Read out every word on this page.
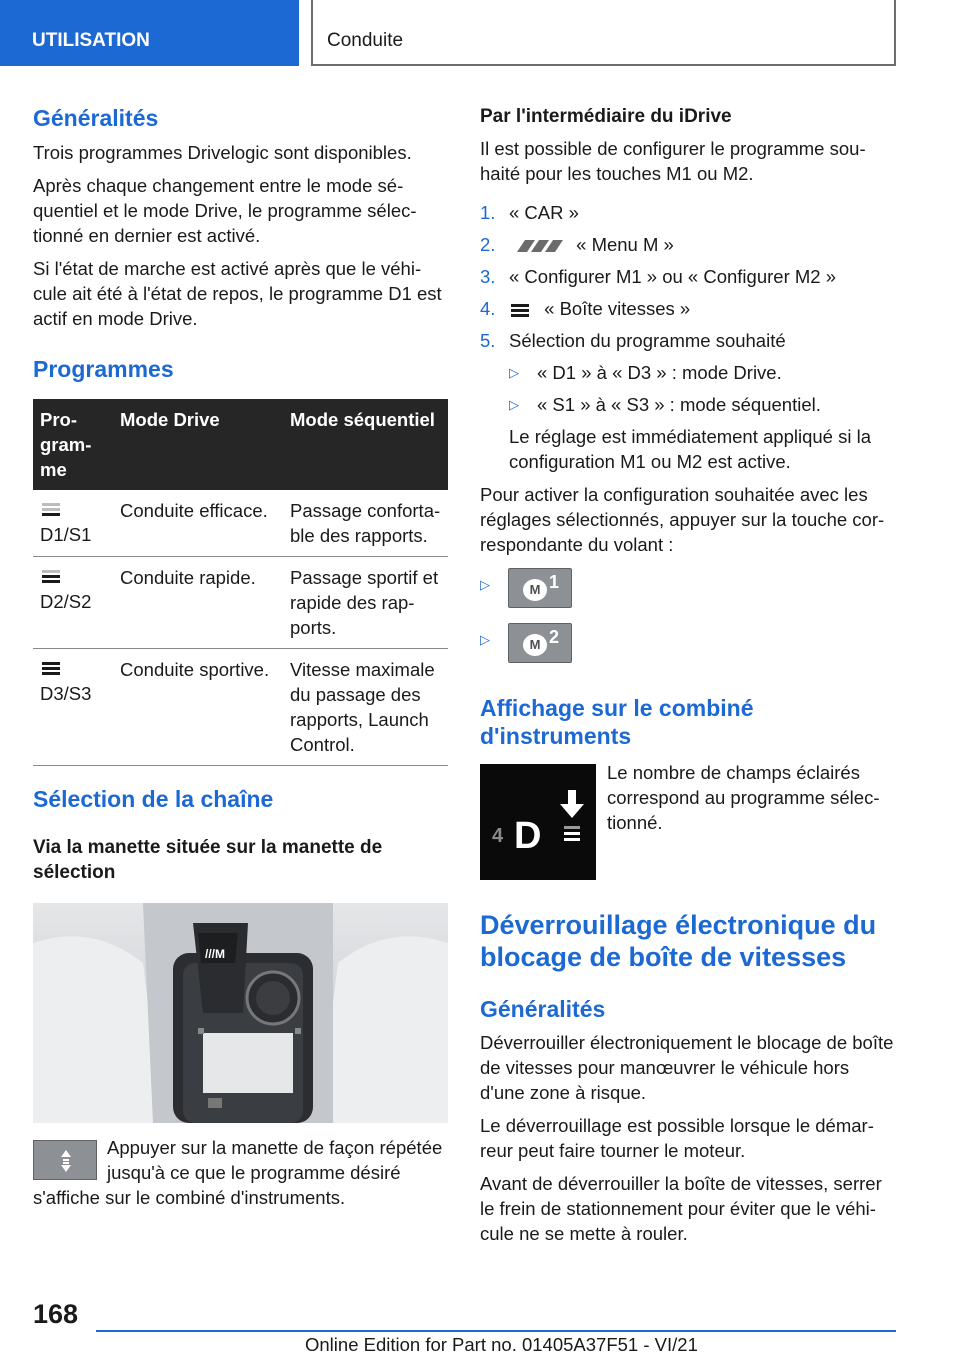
UTILISATION	Conduite
Généralités

Trois programmes Drivelogic sont disponibles.

Après chaque changement entre le mode séquentiel et le mode Drive, le programme sélectionné en dernier est activé.

Si l'état de marche est activé après que le véhicule ait été à l'état de repos, le programme D1 est actif en mode Drive.

Programmes
Programme	Mode Drive	Mode séquentiel

D1/S1	Conduite efficace.	Passage confortable des rapports.

D2/S2	Conduite rapide.	Passage sportif et rapide des rapports.

D3/S3	Conduite sportive.	Vitesse maximale du passage des rapports, Launch Control.
Sélection de la chaîne
Via la manette située sur la manette de sélection
///M

Appuyer sur la manette de façon répétée jusqu'à ce que le programme désiré s'affiche sur le combiné d'instruments.

Par l'intermédiaire du iDrive

Il est possible de configurer le programme souhaité pour les touches M1 ou M2.

1. « CAR »
2.	« Menu M »
3. « Configurer M1 » ou « Configurer M2 »
4.	« Boîte vitesses »
5. Sélection du programme souhaité
▷ « D1 » à « D3 » : mode Drive.
▷ « S1 » à « S3 » : mode séquentiel.

Le réglage est immédiatement appliqué si la configuration M1 ou M2 est active.

Pour activer la configuration souhaitée avec les réglages sélectionnés, appuyer sur la touche correspondante du volant :

▷	M 1
▷	M 2
Affichage sur le combiné d'instruments
4 D
Le nombre de champs éclairés correspond au programme sélectionné.
Déverrouillage électronique du blocage de boîte de vitesses
Généralités

Déverrouiller électroniquement le blocage de boîte de vitesses pour manœuvrer le véhicule hors d'une zone à risque.

Le déverrouillage est possible lorsque le démarreur peut faire tourner le moteur.

Avant de déverrouiller la boîte de vitesses, serrer le frein de stationnement pour éviter que le véhicule ne se mette à rouler.

168
Online Edition for Part no. 01405A37F51 - VI/21
